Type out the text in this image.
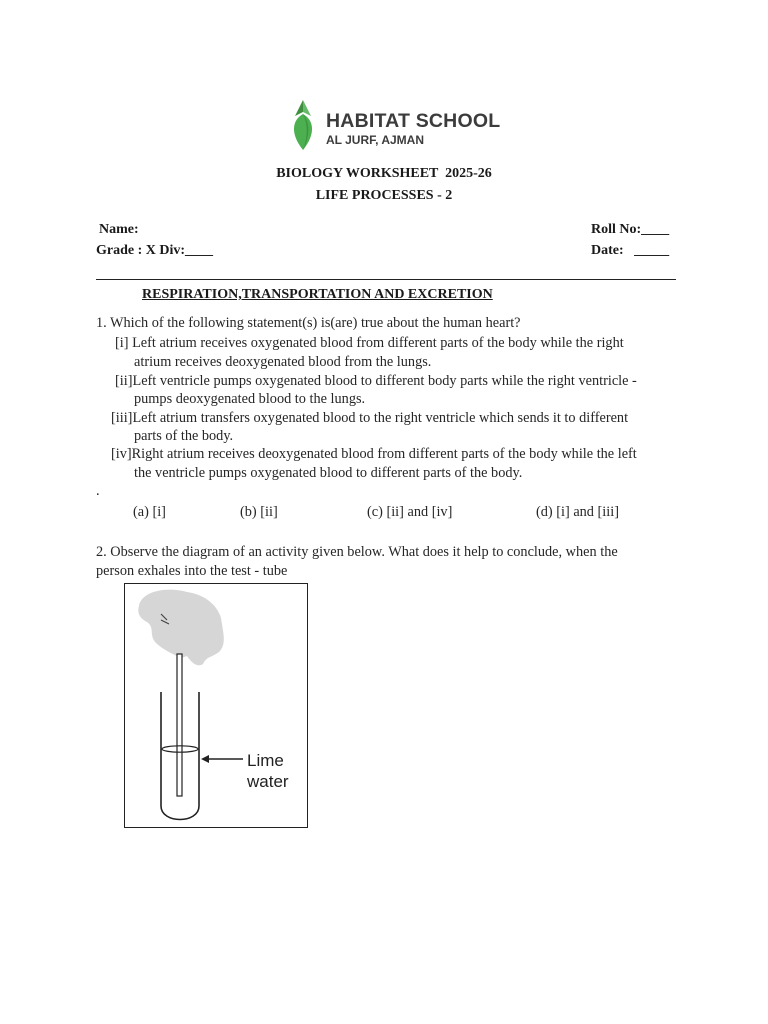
HABITAT SCHOOL
AL JURF, AJMAN
BIOLOGY WORKSHEET  2025-26
LIFE PROCESSES - 2
Name:	Roll No:____
Grade : X Div:____	Date:   _____
RESPIRATION,TRANSPORTATION AND EXCRETION
1. Which of the following statement(s) is(are) true about the human heart?
[i] Left atrium receives oxygenated blood from different parts of the body while the right
atrium receives deoxygenated blood from the lungs.
[ii]Left ventricle pumps oxygenated blood to different body parts while the right ventricle -
pumps deoxygenated blood to the lungs.
[iii]Left atrium transfers oxygenated blood to the right ventricle which sends it to different
parts of the body.
[iv]Right atrium receives deoxygenated blood from different parts of the body while the left
the ventricle pumps oxygenated blood to different parts of the body.
.
(a) [i]	(b) [ii]	(c) [ii] and [iv]	(d) [i] and [iii]
2. Observe the diagram of an activity given below. What does it help to conclude, when the
person exhales into the test - tube
Lime
water
